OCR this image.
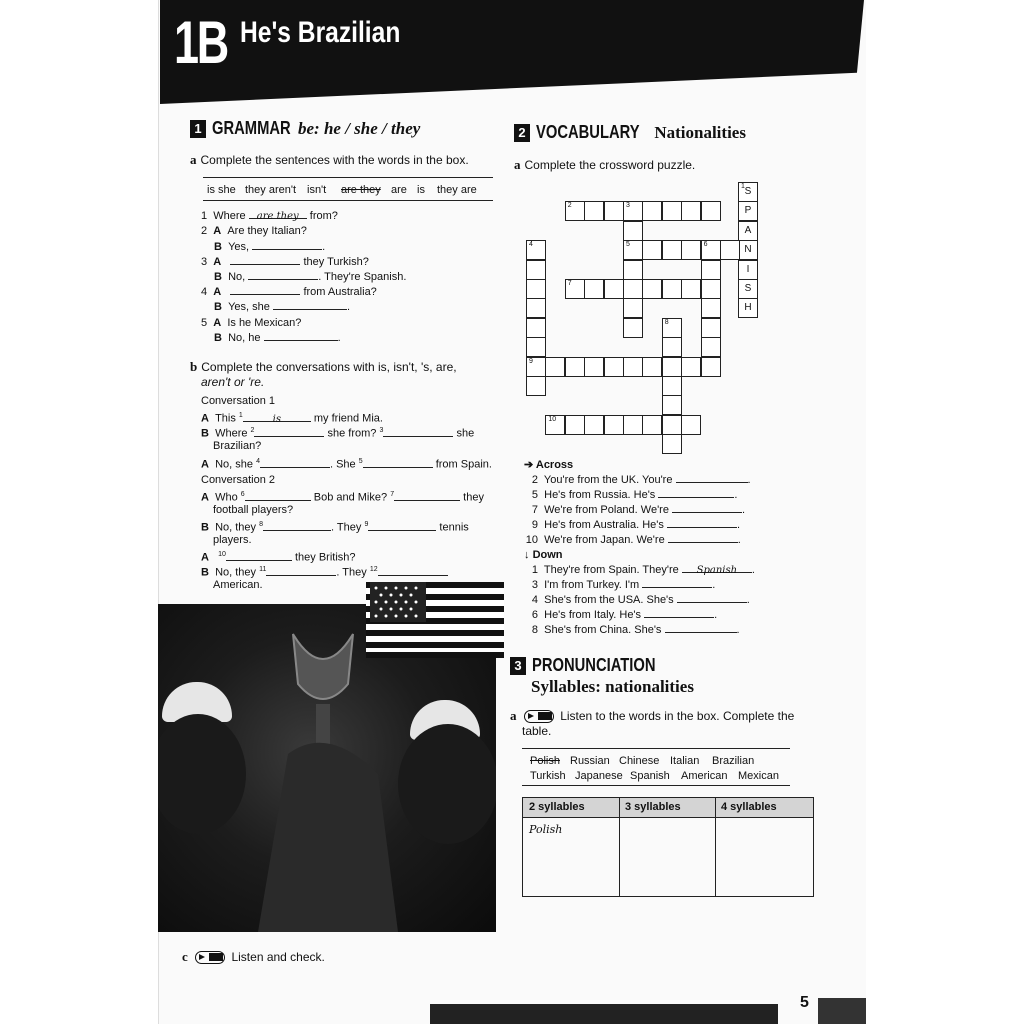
1B He's Brazilian
1 GRAMMAR be: he / she / they
a Complete the sentences with the words in the box.
is she they aren't isn't are they are is they are
1 Where are they from?
2 A Are they Italian?
B Yes,	.
3 A	they Turkish?
B No,	. They're Spanish.
4 A	from Australia?
B Yes, she	.
5 A Is he Mexican?
B No, he	.
b Complete the conversations with is, isn't, 's, are,
aren't or 're.
Conversation 1
A This $^1$	is	my friend Mia.
B Where $^2$	she from? $^3$	she
Brazilian?
A No, she $^4$	. She $^5$	from Spain.
Conversation 2
A Who $^6$	Bob and Mike? $^7$	they
football players?
B No, they $^8$	. They $^9$	tennis
players.
A $^{10}$	they British?
B No, they $^{11}$	. They $^{12}$
American.
c	Listen and check.
2 VOCABULARY Nationalities
a Complete the crossword puzzle.
1 S
P
A
N
I
S
H
2	3
5
4
9
6
7
8
10
➔ Across
2 You're from the UK. You're	.
5 He's from Russia. He's	.
7 We're from Poland. We're	.
9 He's from Australia. He's	.
10 We're from Japan. We're	.
↓ Down
1 They're from Spain. They're Spanish .
3 I'm from Turkey. I'm	.
4 She's from the USA. She's	.
6 He's from Italy. He's	.
8 She's from China. She's	.
3 PRONUNCIATION
Syllables: nationalities
a	Listen to the words in the box. Complete the
table.
Polish Russian Chinese Italian Brazilian
Turkish Japanese Spanish American Mexican
2 syllables	3 syllables	4 syllables
Polish
5
